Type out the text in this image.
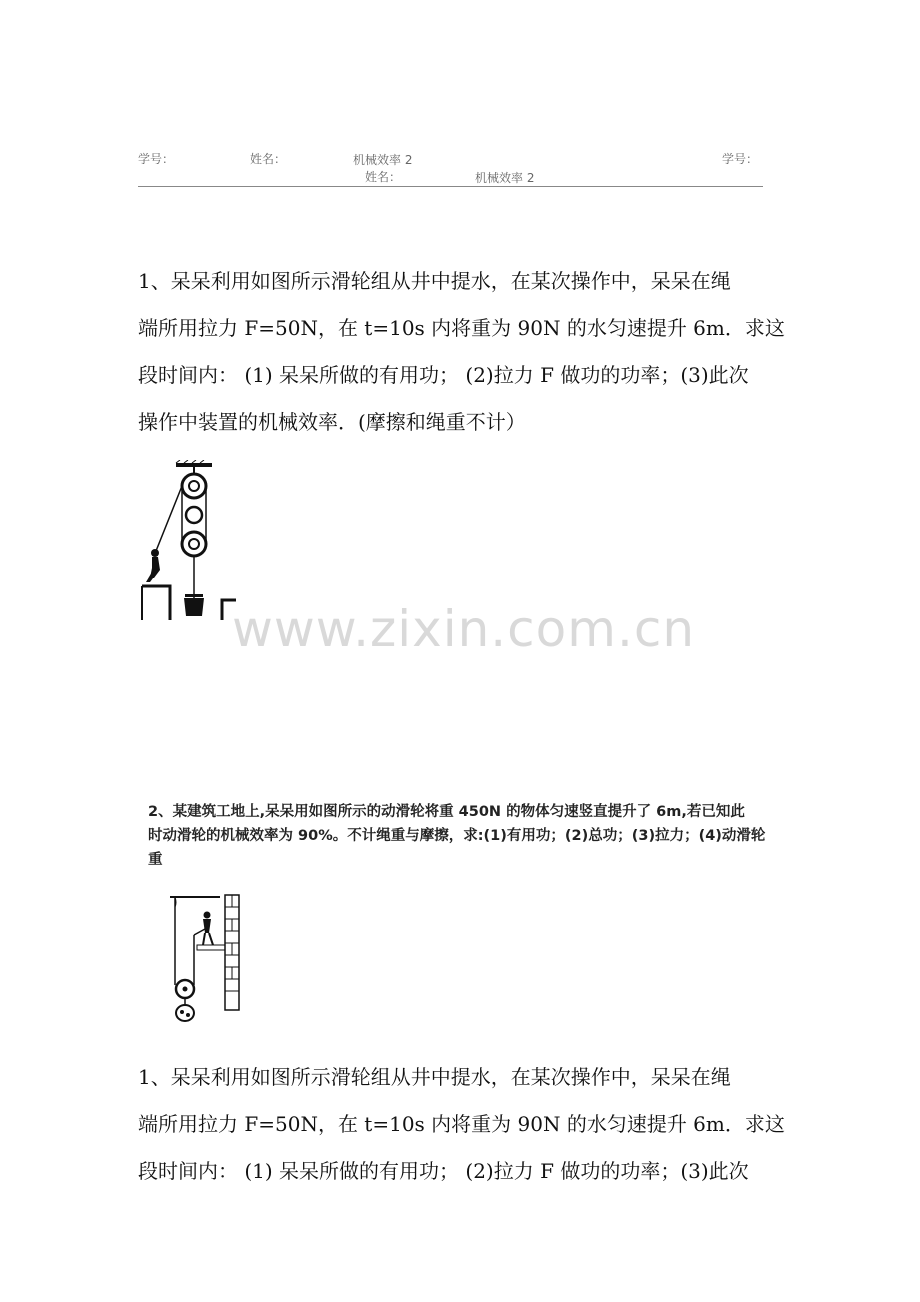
学号：	姓名：	机械效率 2	学号：
姓名：	机械效率 2
1、呆呆利用如图所示滑轮组从井中提水，在某次操作中，呆呆在绳
端所用拉力 F=50N，在 t=10s 内将重为 90N 的水匀速提升 6m．求这
段时间内： (1) 呆呆所做的有用功； (2)拉力 F 做功的功率；(3)此次
操作中装置的机械效率．(摩擦和绳重不计）
www.zixin.com.cn
2、某建筑工地上,呆呆用如图所示的动滑轮将重 450N 的物体匀速竖直提升了 6m,若已知此
时动滑轮的机械效率为 90%。不计绳重与摩擦，求:(1)有用功；(2)总功；(3)拉力；(4)动滑轮
重
1、呆呆利用如图所示滑轮组从井中提水，在某次操作中，呆呆在绳
端所用拉力 F=50N，在 t=10s 内将重为 90N 的水匀速提升 6m．求这
段时间内： (1) 呆呆所做的有用功； (2)拉力 F 做功的功率；(3)此次
